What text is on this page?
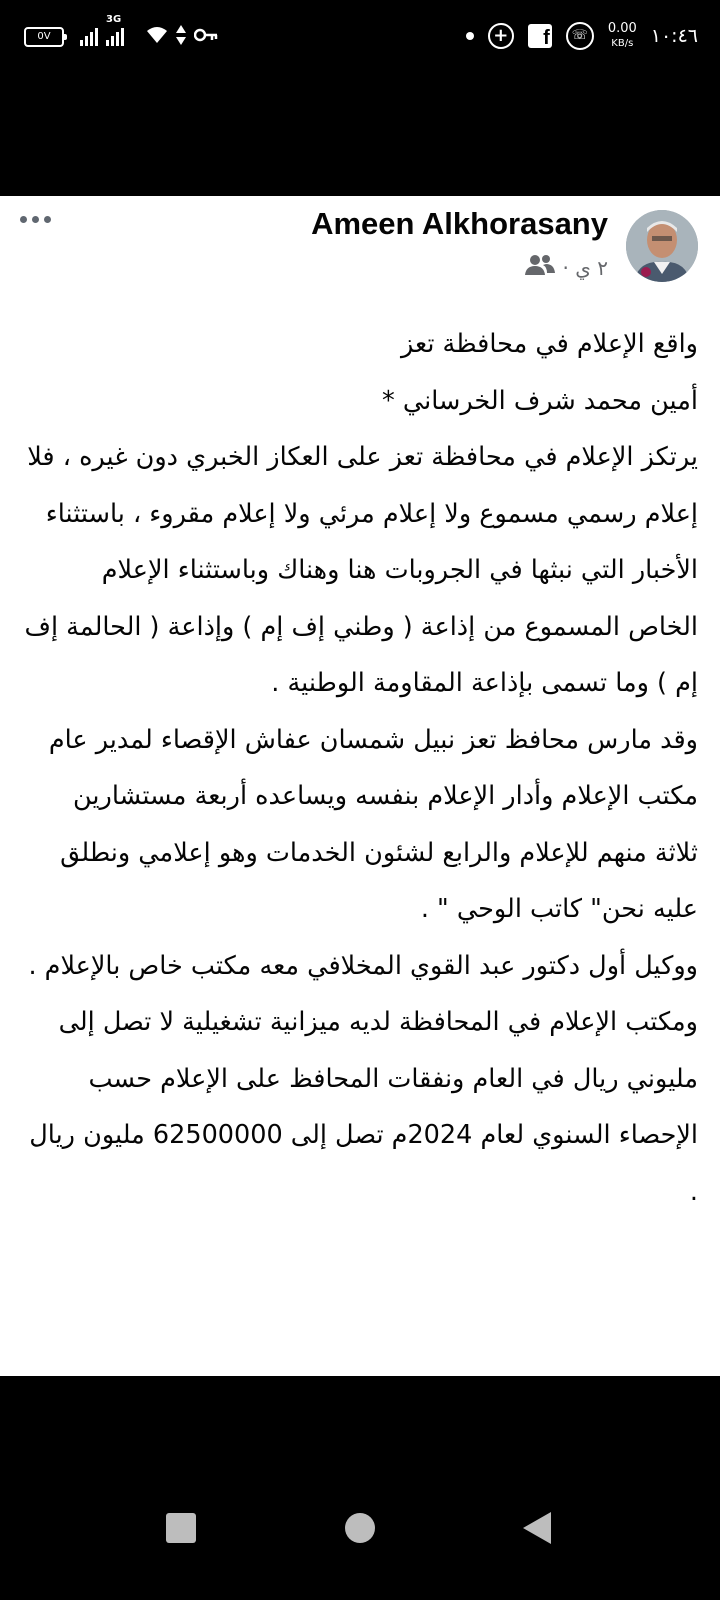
0V
3G
+	f	☏	0.00
KB/s ١٠:٤٦
Ameen Alkhorasany
٢ ي ·

واقع الإعلام في محافظة تعز

أمين محمد شرف الخرساني *

يرتكز الإعلام في محافظة تعز على العكاز الخبري دون غيره ، فلا إعلام رسمي مسموع ولا إعلام مرئي ولا إعلام مقروء ، باستثناء الأخبار التي نبثها في الجروبات هنا وهناك وباستثناء الإعلام الخاص المسموع من إذاعة ( وطني إف إم ) وإذاعة ( الحالمة إف إم ) وما تسمى بإذاعة المقاومة الوطنية .

وقد مارس محافظ تعز نبيل شمسان عفاش الإقصاء لمدير عام مكتب الإعلام وأدار الإعلام بنفسه ويساعده أربعة مستشارين ثلاثة منهم للإعلام والرابع لشئون الخدمات وهو إعلامي ونطلق عليه نحن" كاتب الوحي " .

ووكيل أول دكتور عبد القوي المخلافي معه مكتب خاص بالإعلام .

ومكتب الإعلام في المحافظة لديه ميزانية تشغيلية لا تصل إلى مليوني ريال في العام ونفقات المحافظ على الإعلام حسب الإحصاء السنوي لعام 2024م تصل إلى 62500000 مليون ريال .
